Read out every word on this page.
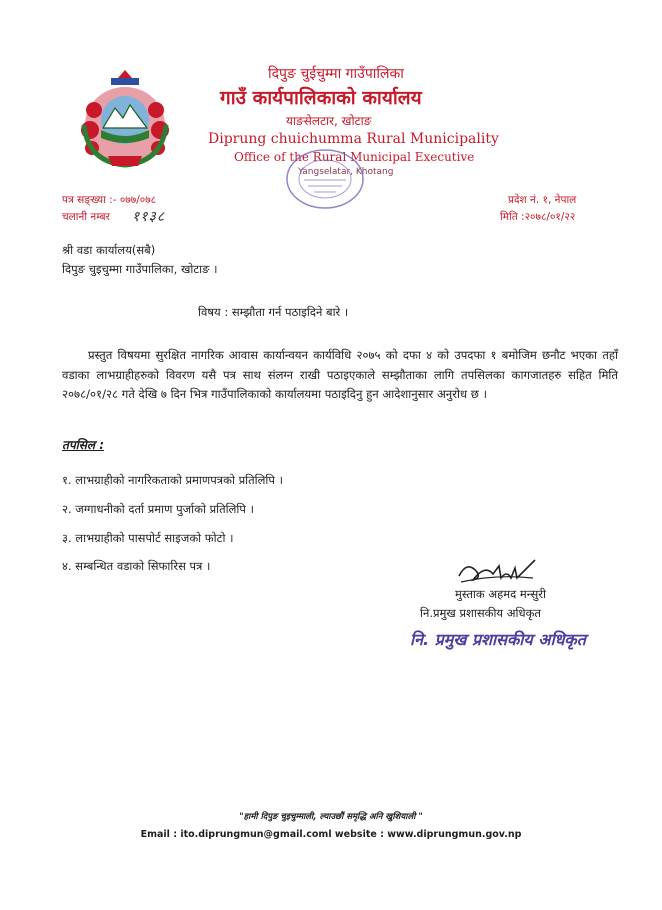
दिपुङ चुईचुम्मा गाउँपालिका
गाउँ कार्यपालिकाको कार्यालय
याङसेलटार, खोटाङ
Diprung chuichumma Rural Municipality
Office of the Rural Municipal Executive
Yangselatar, Khotang
पत्र सङ्ख्या :- ०७७/०७८
चलानी नम्बर ११३८
प्रदेश नं. १, नेपाल
मिति :२०७८/०१/२२
श्री वडा कार्यालय(सबै)
दिपुङ चुइचुम्मा गाउँपालिका, खोटाङ ।
विषय : सम्झौता गर्न पठाइदिने बारे ।
प्रस्तुत विषयमा सुरक्षित नागरिक आवास कार्यान्वयन कार्यविधि २०७५ को दफा ४ को उपदफा १ बमोजिम छनौट भएका तहाँ वडाका लाभग्राहीहरुको विवरण यसै पत्र साथ संलग्न राखी पठाइएकाले सम्झौताका लागि तपसिलका कागजातहरु सहित मिति २०७८/०१/२८ गते देखि ७ दिन भित्र गाउँपालिकाको कार्यालयमा पठाइदिनु हुन आदेशानुसार अनुरोध छ ।
तपसिल :
१. लाभग्राहीको नागरिकताको प्रमाणपत्रको प्रतिलिपि ।
२. जग्गाधनीको दर्ता प्रमाण पुर्जाको प्रतिलिपि ।
३. लाभग्राहीको पासपोर्ट साइजको फोटो ।
४. सम्बन्धित वडाको सिफारिस पत्र ।
मुस्ताक अहमद मन्सुरी
नि.प्रमुख प्रशासकीय अधिकृत
नि. प्रमुख प्रशासकीय अधिकृत
"हामी दिपुङ चुइचुम्माली, ल्याउछौं समृद्धि अनि खुशियाली "
Email : ito.diprungmun@gmail.coml website : www.diprungmun.gov.np
